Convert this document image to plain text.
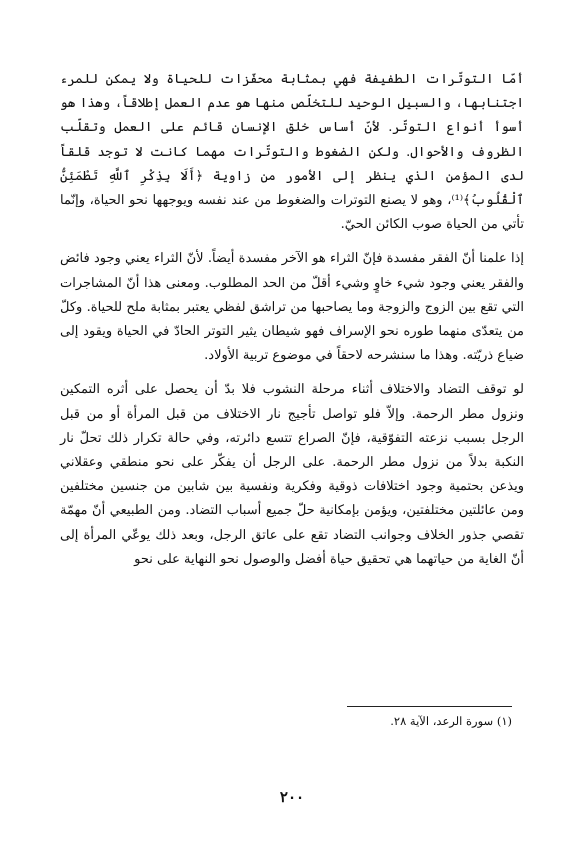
أمّا التوتّرات الطفيفة فهي بمثابة محفّزات للحياة ولا يمكن للمرء اجتنابها، والسبيل الوحيد للتخلّص منها هو عدم العمل إطلاقاً، وهذا هو أسوأ أنواع التوتّر. لأنّ أساس خلق الإنسان قائم على العمل وتقلّب الظروف والأحوال. ولكن الضغوط والتوتّرات مهما كانت لا توجد قلقاً لدى المؤمن الذي ينظر إلى الأمور من زاوية ﴿أَلَا بِذِكْرِ ٱللَّهِ تَطْمَئِنُّ ٱلْقُلُوبُ﴾⁽¹⁾، وهو لا يصنع التوترات والضغوط من عند نفسه ويوجهها نحو الحياة، وإنّما تأتي من الحياة صوب الكائن الحيّ.

إذا علمنا أنّ الفقر مفسدة فإنّ الثراء هو الآخر مفسدة أيضاً. لأنّ الثراء يعني وجود فائض والفقر يعني وجود شيء خاوٍ وشيء أقلّ من الحد المطلوب. ومعنى هذا أنّ المشاجرات التي تقع بين الزوج والزوجة وما يصاحبها من تراشق لفظي يعتبر بمثابة ملح للحياة. وكلّ من يتعدّى منهما طوره نحو الإسراف فهو شيطان يثير التوتر الحادّ في الحياة ويقود إلى ضياع ذريّته. وهذا ما سنشرحه لاحقاً في موضوع تربية الأولاد.

لو توقف التضاد والاختلاف أثناء مرحلة النشوب فلا بدّ أن يحصل على أثره التمكين ونزول مطر الرحمة. وإلاّ فلو تواصل تأجيج نار الاختلاف من قبل المرأة أو من قبل الرجل بسبب نزعته التفوّقية، فإنّ الصراع تتسع دائرته، وفي حالة تكرار ذلك تحلّ نار النكبة بدلاً من نزول مطر الرحمة. على الرجل أن يفكّر على نحو منطقي وعقلاني ويذعن بحتمية وجود اختلافات ذوقية وفكرية ونفسية بين شابين من جنسين مختلفين ومن عائلتين مختلفتين، ويؤمن بإمكانية حلّ جميع أسباب التضاد. ومن الطبيعي أنّ مهمّة تقصي جذور الخلاف وجوانب التضاد تقع على عاتق الرجل، وبعد ذلك يوعّي المرأة إلى أنّ الغاية من حياتهما هي تحقيق حياة أفضل والوصول نحو النهاية على نحو

(١) سورة الرعد، الآية ٢٨.
٢٠٠
